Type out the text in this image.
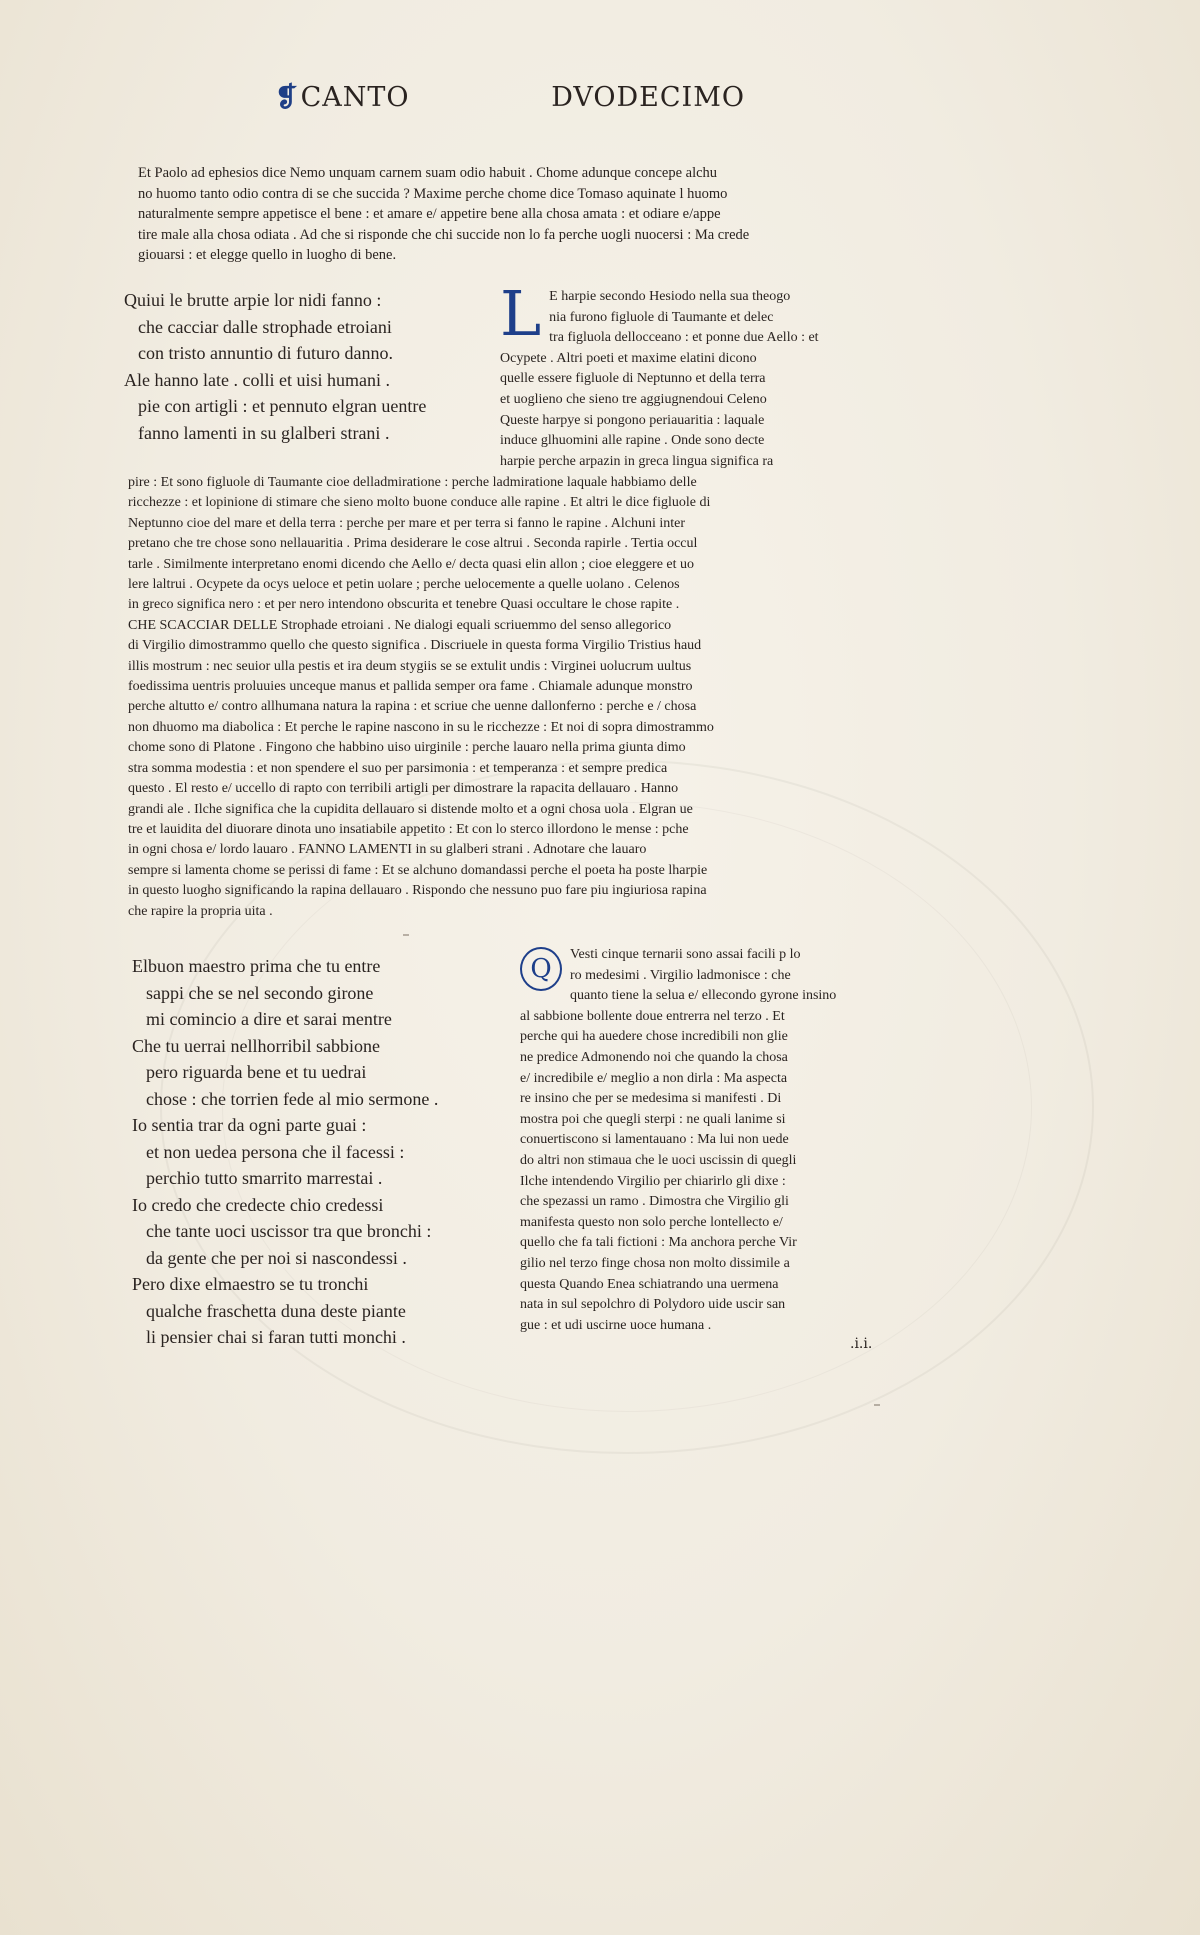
❡CANTO	DVODECIMO
Et Paolo ad ephesios dice Nemo unquam carnem suam odio habuit . Chome adunque concepe alchu
no huomo tanto odio contra di se che succida ? Maxime perche chome dice Tomaso aquinate l huomo
naturalmente sempre appetisce el bene : et amare e/ appetire bene alla chosa amata : et odiare e/appe
tire male alla chosa odiata . Ad che si risponde che chi succide non lo fa perche uogli nuocersi : Ma crede
giouarsi : et elegge quello in luogho di bene.
Quiui le brutte arpie lor nidi fanno :
che cacciar dalle strophade etroiani
con tristo annuntio di futuro danno.
Ale hanno late . colli et uisi humani .
pie con artigli : et pennuto elgran uentre
fanno lamenti in su glalberi strani .
L E harpie secondo Hesiodo nella sua theogo
nia furono figluole di Taumante et delec
tra figluola dellocceano : et ponne due Aello : et
Ocypete . Altri poeti et maxime elatini dicono
quelle essere figluole di Neptunno et della terra
et uoglieno che sieno tre aggiugnendoui Celeno
Queste harpye si pongono periauaritia : laquale
induce glhuomini alle rapine . Onde sono decte
harpie perche arpazin in greca lingua significa ra
pire : Et sono figluole di Taumante cioe delladmiratione : perche ladmiratione laquale habbiamo delle
ricchezze : et lopinione di stimare che sieno molto buone conduce alle rapine . Et altri le dice figluole di
Neptunno cioe del mare et della terra : perche per mare et per terra si fanno le rapine . Alchuni inter
pretano che tre chose sono nellauaritia . Prima desiderare le cose altrui . Seconda rapirle . Tertia occul
tarle . Similmente interpretano enomi dicendo che Aello e/ decta quasi elin allon ; cioe eleggere et uo
lere laltrui . Ocypete da ocys ueloce et petin uolare ; perche uelocemente a quelle uolano . Celenos
in greco significa nero : et per nero intendono obscurita et tenebre Quasi occultare le chose rapite .
CHE SCACCIAR DELLE Strophade etroiani . Ne dialogi equali scriuemmo del senso allegorico
di Virgilio dimostrammo quello che questo significa . Discriuele in questa forma Virgilio Tristius haud
illis mostrum : nec seuior ulla pestis et ira deum stygiis se se extulit undis : Virginei uolucrum uultus
foedissima uentris proluuies unceque manus et pallida semper ora fame . Chiamale adunque monstro
perche altutto e/ contro allhumana natura la rapina : et scriue che uenne dallonferno : perche e / chosa
non dhuomo ma diabolica : Et perche le rapine nascono in su le ricchezze : Et noi di sopra dimostrammo
chome sono di Platone . Fingono che habbino uiso uirginile : perche lauaro nella prima giunta dimo
stra somma modestia : et non spendere el suo per parsimonia : et temperanza : et sempre predica
questo . El resto e/ uccello di rapto con terribili artigli per dimostrare la rapacita dellauaro . Hanno
grandi ale . Ilche significa che la cupidita dellauaro si distende molto et a ogni chosa uola . Elgran ue
tre et lauidita del diuorare dinota uno insatiabile appetito : Et con lo sterco illordono le mense : pche
in ogni chosa e/ lordo lauaro . FANNO LAMENTI in su glalberi strani . Adnotare che lauaro
sempre si lamenta chome se perissi di fame : Et se alchuno domandassi perche el poeta ha poste lharpie
in questo luogho significando la rapina dellauaro . Rispondo che nessuno puo fare piu ingiuriosa rapina
che rapire la propria uita .
Elbuon maestro prima che tu entre
sappi che se nel secondo girone
mi comincio a dire et sarai mentre
Che tu uerrai nellhorribil sabbione
pero riguarda bene et tu uedrai
chose : che torrien fede al mio sermone .
Io sentia trar da ogni parte guai :
et non uedea persona che il facessi :
perchio tutto smarrito marrestai .
Io credo che credecte chio credessi
che tante uoci uscissor tra que bronchi :
da gente che per noi si nascondessi .
Pero dixe elmaestro se tu tronchi
qualche fraschetta duna deste piante
li pensier chai si faran tutti monchi .
Q	Vesti cinque ternarii sono assai facili p lo
ro medesimi . Virgilio ladmonisce : che
quanto tiene la selua e/ ellecondo gyrone insino
al sabbione bollente doue entrerra nel terzo . Et
perche qui ha auedere chose incredibili non glie
ne predice Admonendo noi che quando la chosa
e/ incredibile e/ meglio a non dirla : Ma aspecta
re insino che per se medesima si manifesti . Di
mostra poi che quegli sterpi : ne quali lanime si
conuertiscono si lamentauano : Ma lui non uede
do altri non stimaua che le uoci uscissin di quegli
Ilche intendendo Virgilio per chiarirlo gli dixe :
che spezassi un ramo . Dimostra che Virgilio gli
manifesta questo non solo perche lontellecto e/
quello che fa tali fictioni : Ma anchora perche Vir
gilio nel terzo finge chosa non molto dissimile a
questa Quando Enea schiatrando una uermena
nata in sul sepolchro di Polydoro uide uscir san
gue : et udi uscirne uoce humana .
.i.i.
